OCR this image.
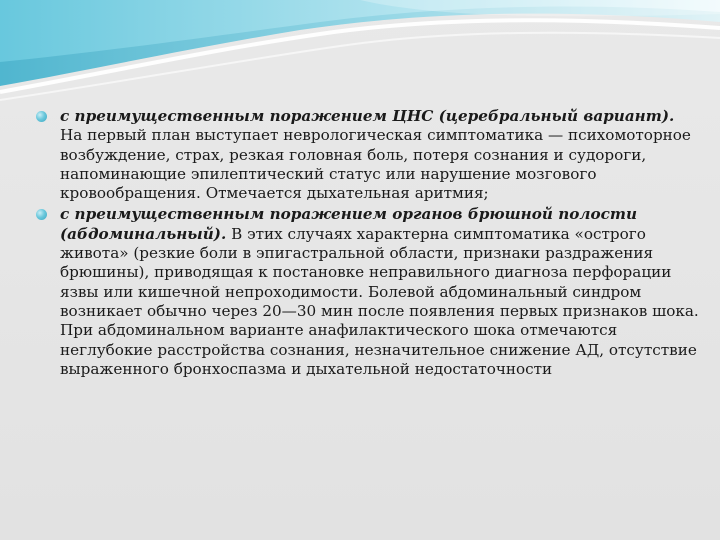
с преимущественным поражением ЦНС (церебральный вариант). На первый план выступает неврологическая симптоматика — психомоторное возбуждение, страх, резкая головная боль, потеря сознания и судороги, напоминающие эпилептический статус или нарушение мозгового кровообращения. Отмечается дыхательная аритмия;
с преимущественным поражением органов брюшной полости (абдоминальный). В этих случаях характерна симптоматика «острого живота» (резкие боли в эпигастральной области, признаки раздражения брюшины), приводящая к постановке неправильного диагноза перфорации язвы или кишечной непроходимости. Болевой абдоминальный синдром возникает обычно через 20—30 мин после появления первых признаков шока. При абдоминальном варианте анафилактического шока отмечаются неглубокие расстройства сознания, незначительное снижение АД, отсутствие выраженного бронхоспазма и дыхательной недостаточности
